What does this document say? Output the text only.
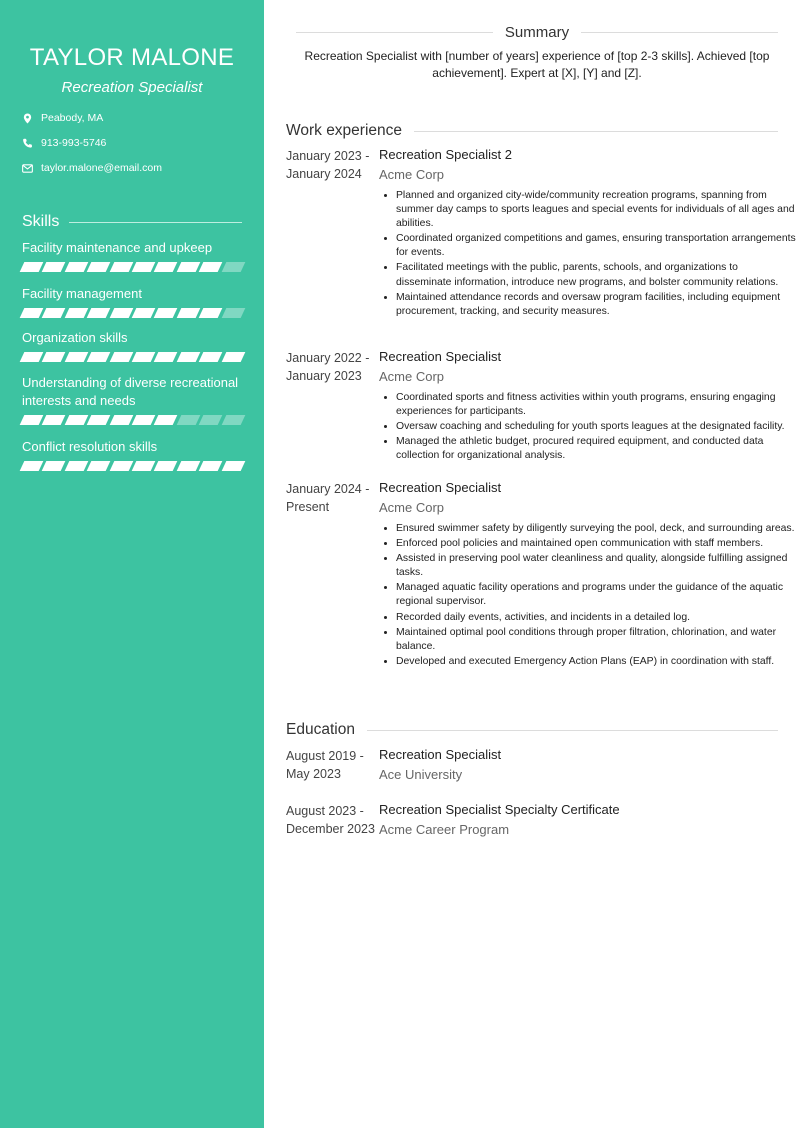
TAYLOR MALONE
Recreation Specialist
Peabody, MA
913-993-5746
taylor.malone@email.com
Skills
Facility maintenance and upkeep
Facility management
Organization skills
Understanding of diverse recreational interests and needs
Conflict resolution skills
Summary
Recreation Specialist with [number of years] experience of [top 2-3 skills]. Achieved [top achievement]. Expert at [X], [Y] and [Z].
Work experience
January 2023 -
January 2024
Recreation Specialist 2
Acme Corp
• Planned and organized city-wide/community recreation programs, spanning from summer day camps to sports leagues and special events for individuals of all ages and abilities.
• Coordinated organized competitions and games, ensuring transportation arrangements for events.
• Facilitated meetings with the public, parents, schools, and organizations to disseminate information, introduce new programs, and bolster community relations.
• Maintained attendance records and oversaw program facilities, including equipment procurement, tracking, and security measures.
January 2022 -
January 2023
Recreation Specialist
Acme Corp
• Coordinated sports and fitness activities within youth programs, ensuring engaging experiences for participants.
• Oversaw coaching and scheduling for youth sports leagues at the designated facility.
• Managed the athletic budget, procured required equipment, and conducted data collection for organizational analysis.
January 2024 -
Present
Recreation Specialist
Acme Corp
• Ensured swimmer safety by diligently surveying the pool, deck, and surrounding areas.
• Enforced pool policies and maintained open communication with staff members.
• Assisted in preserving pool water cleanliness and quality, alongside fulfilling assigned tasks.
• Managed aquatic facility operations and programs under the guidance of the aquatic regional supervisor.
• Recorded daily events, activities, and incidents in a detailed log.
• Maintained optimal pool conditions through proper filtration, chlorination, and water balance.
• Developed and executed Emergency Action Plans (EAP) in coordination with staff.
Education
August 2019 -
May 2023
Recreation Specialist
Ace University
August 2023 -
December 2023
Recreation Specialist Specialty Certificate
Acme Career Program
